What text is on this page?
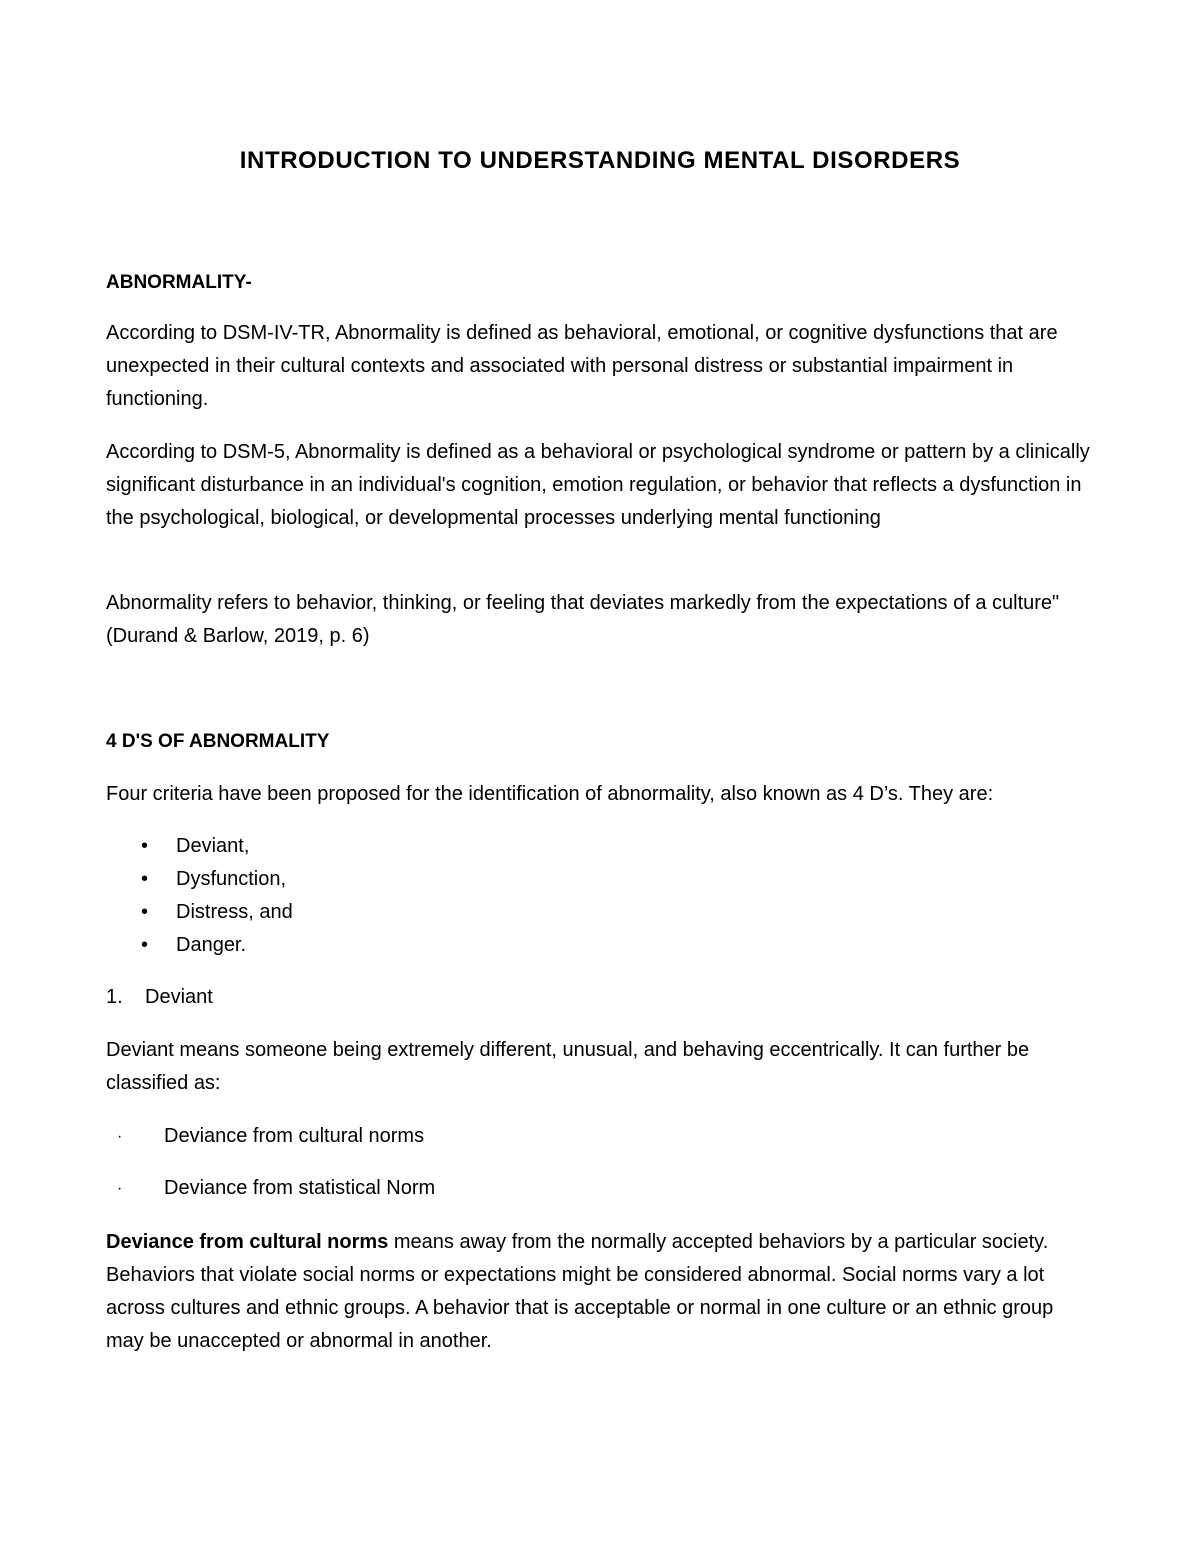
INTRODUCTION TO UNDERSTANDING MENTAL DISORDERS

ABNORMALITY-

According to DSM-IV-TR, Abnormality is defined as behavioral, emotional, or cognitive dysfunctions that are unexpected in their cultural contexts and associated with personal distress or substantial impairment in functioning.

According to DSM-5, Abnormality is defined as a behavioral or psychological syndrome or pattern by a clinically significant disturbance in an individual's cognition, emotion regulation, or behavior that reflects a dysfunction in the psychological, biological, or developmental processes underlying mental functioning

Abnormality refers to behavior, thinking, or feeling that deviates markedly from the expectations of a culture" (Durand & Barlow, 2019, p. 6)

4 D'S OF ABNORMALITY

Four criteria have been proposed for the identification of abnormality, also known as 4 D’s. They are:

• Deviant,
• Dysfunction,
• Distress, and
• Danger.

1. Deviant

Deviant means someone being extremely different, unusual, and behaving eccentrically. It can further be classified as:

· Deviance from cultural norms
· Deviance from statistical Norm

Deviance from cultural norms means away from the normally accepted behaviors by a particular society. Behaviors that violate social norms or expectations might be considered abnormal. Social norms vary a lot across cultures and ethnic groups. A behavior that is acceptable or normal in one culture or an ethnic group may be unaccepted or abnormal in another.
